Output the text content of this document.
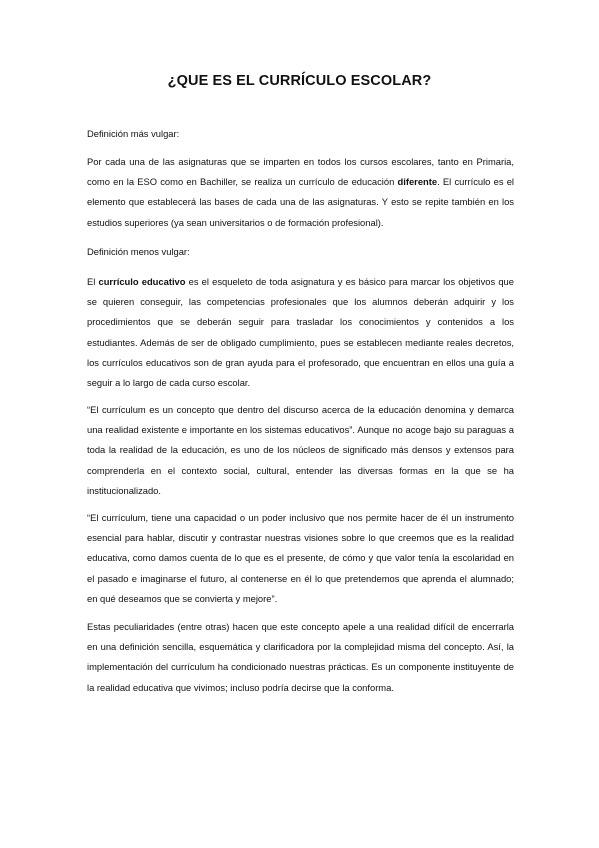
¿QUE ES EL CURRÍCULO ESCOLAR?

Definición más vulgar:

Por cada una de las asignaturas que se imparten en todos los cursos escolares, tanto en Primaria, como en la ESO como en Bachiller, se realiza un currículo de educación diferente. El currículo es el elemento que establecerá las bases de cada una de las asignaturas. Y esto se repite también en los estudios superiores (ya sean universitarios o de formación profesional).

Definición menos vulgar:

El currículo educativo es el esqueleto de toda asignatura y es básico para marcar los objetivos que se quieren conseguir, las competencias profesionales que los alumnos deberán adquirir y los procedimientos que se deberán seguir para trasladar los conocimientos y contenidos a los estudiantes. Además de ser de obligado cumplimiento, pues se establecen mediante reales decretos, los currículos educativos son de gran ayuda para el profesorado, que encuentran en ellos una guía a seguir a lo largo de cada curso escolar.

“El currículum es un concepto que dentro del discurso acerca de la educación denomina y demarca una realidad existente e importante en los sistemas educativos”. Aunque no acoge bajo su paraguas a toda la realidad de la educación, es uno de los núcleos de significado más densos y extensos para comprenderla en el contexto social, cultural, entender las diversas formas en la que se ha institucionalizado.

“El currículum, tiene una capacidad o un poder inclusivo que nos permite hacer de él un instrumento esencial para hablar, discutir y contrastar nuestras visiones sobre lo que creemos que es la realidad educativa, como damos cuenta de lo que es el presente, de cómo y que valor tenía la escolaridad en el pasado e imaginarse el futuro, al contenerse en él lo que pretendemos que aprenda el alumnado; en qué deseamos que se convierta y mejore”.

Estas peculiaridades (entre otras) hacen que este concepto apele a una realidad difícil de encerrarla en una definición sencilla, esquemática y clarificadora por la complejidad misma del concepto. Así, la implementación del currículum ha condicionado nuestras prácticas. Es un componente instituyente de la realidad educativa que vivimos; incluso podría decirse que la conforma.
